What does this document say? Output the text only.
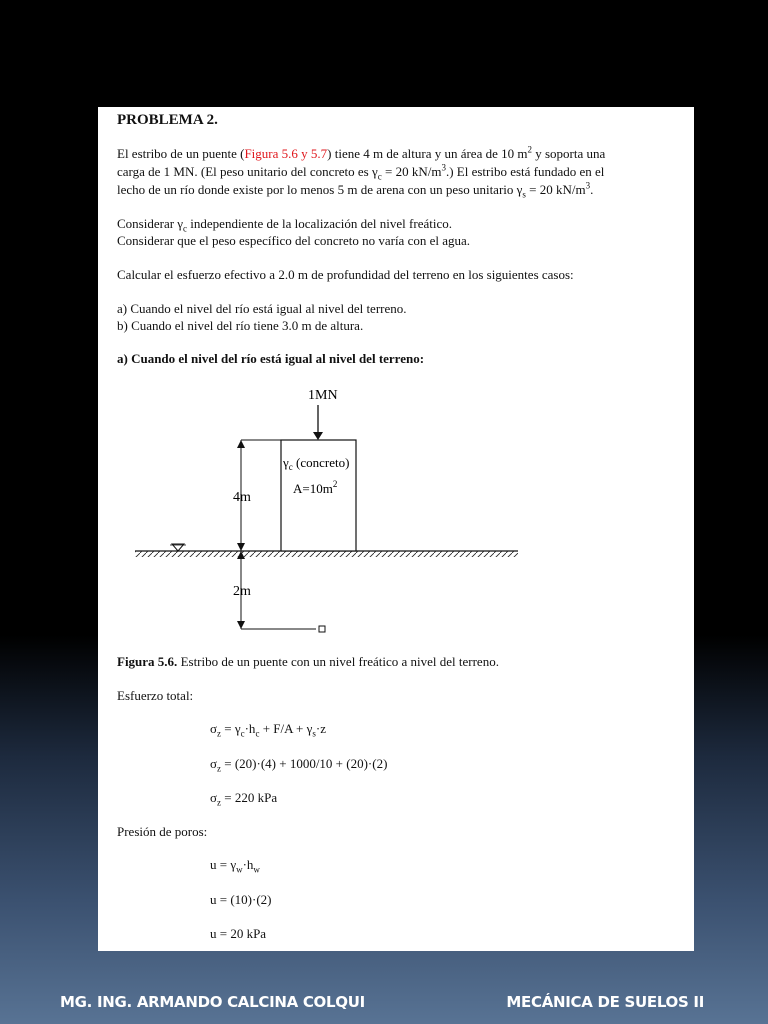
PROBLEMA 2.
El estribo de un puente (Figura 5.6 y 5.7) tiene 4 m de altura y un área de 10 $m^2$ y soporta una
carga de 1 MN. (El peso unitario del concreto es $\gamma_c = 20$ $kN/m^3$.) El estribo está fundado en el
lecho de un río donde existe por lo menos 5 m de arena con un peso unitario $\gamma_s = 20$ $kN/m^3$.
Considerar $\gamma_c$ independiente de la localización del nivel freático.
Considerar que el peso específico del concreto no varía con el agua.
Calcular el esfuerzo efectivo a 2.0 m de profundidad del terreno en los siguientes casos:
a) Cuando el nivel del río está igual al nivel del terreno.
b) Cuando el nivel del río tiene 3.0 m de altura.
a) Cuando el nivel del río está igual al nivel del terreno:
1MN
$\gamma_c$ (concreto)
$A=10m^2$
4m
2m
Figura 5.6. Estribo de un puente con un nivel freático a nivel del terreno.
Esfuerzo total:
$\sigma_z = \gamma_c\cdot h_c + F/A + \gamma_s\cdot z$
$\sigma_z = (20)\cdot(4) + 1000/10 + (20)\cdot(2)$
$\sigma_z = 220$ kPa
Presión de poros:
$u = \gamma_w\cdot h_w$
u = (10)·(2)
u = 20 kPa
MG. ING. ARMANDO CALCINA COLQUI	MECÁNICA DE SUELOS II
